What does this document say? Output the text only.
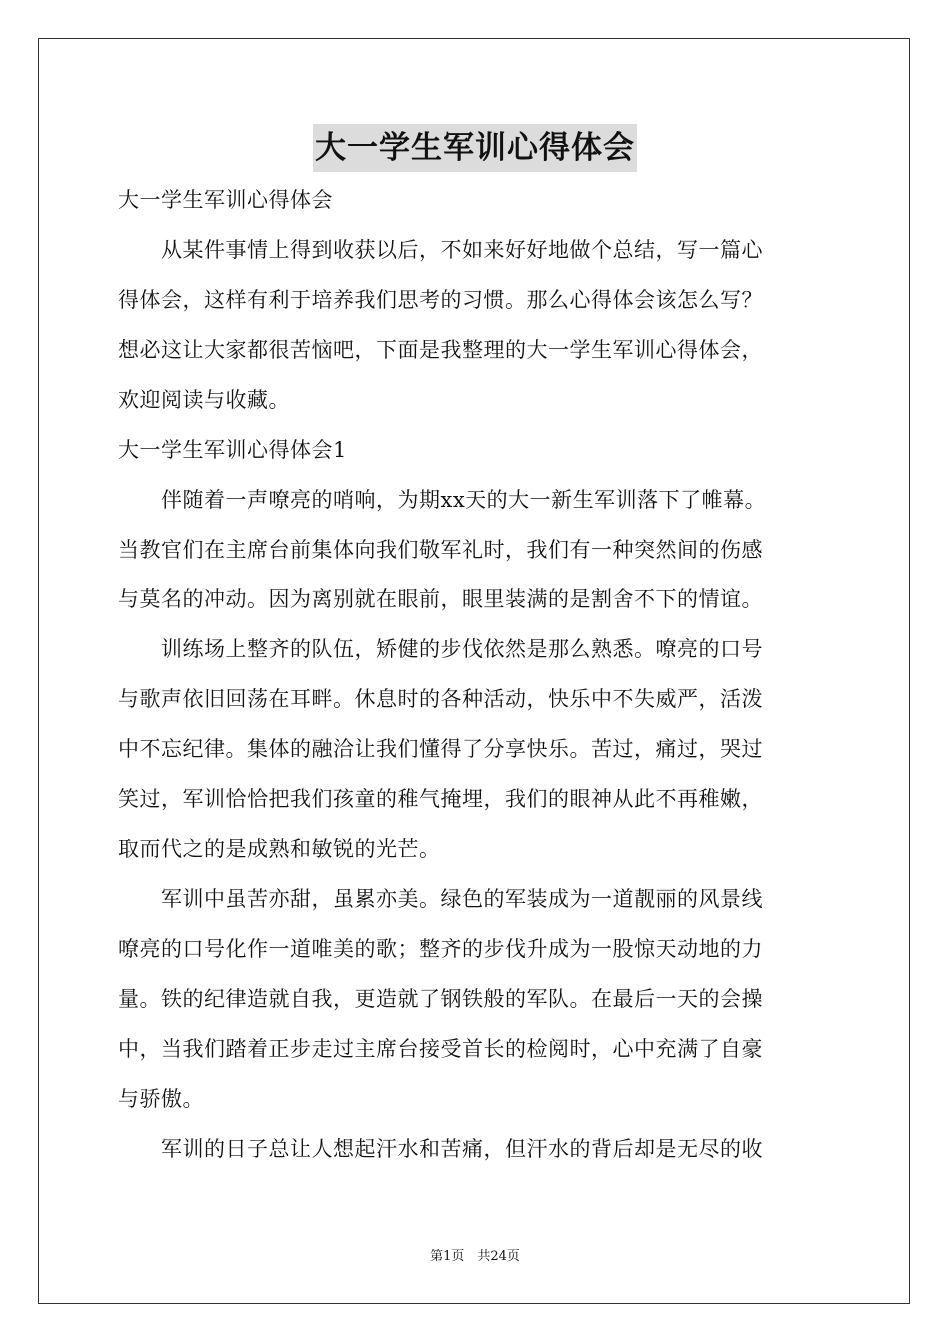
大一学生军训心得体会
大一学生军训心得体会
　　从某件事情上得到收获以后，不如来好好地做个总结，写一篇心
得体会，这样有利于培养我们思考的习惯。那么心得体会该怎么写？
想必这让大家都很苦恼吧，下面是我整理的大一学生军训心得体会，
欢迎阅读与收藏。
大一学生军训心得体会1
　　伴随着一声嘹亮的哨响，为期xx天的大一新生军训落下了帷幕。
当教官们在主席台前集体向我们敬军礼时，我们有一种突然间的伤感
与莫名的冲动。因为离别就在眼前，眼里装满的是割舍不下的情谊。
　　训练场上整齐的队伍，矫健的步伐依然是那么熟悉。嘹亮的口号
与歌声依旧回荡在耳畔。休息时的各种活动，快乐中不失威严，活泼
中不忘纪律。集体的融洽让我们懂得了分享快乐。苦过，痛过，哭过
笑过，军训恰恰把我们孩童的稚气掩埋，我们的眼神从此不再稚嫩，
取而代之的是成熟和敏锐的光芒。
　　军训中虽苦亦甜，虽累亦美。绿色的军装成为一道靓丽的风景线
嘹亮的口号化作一道唯美的歌；整齐的步伐升成为一股惊天动地的力
量。铁的纪律造就自我，更造就了钢铁般的军队。在最后一天的会操
中，当我们踏着正步走过主席台接受首长的检阅时，心中充满了自豪
与骄傲。
　　军训的日子总让人想起汗水和苦痛，但汗水的背后却是无尽的收
第1页　共24页
